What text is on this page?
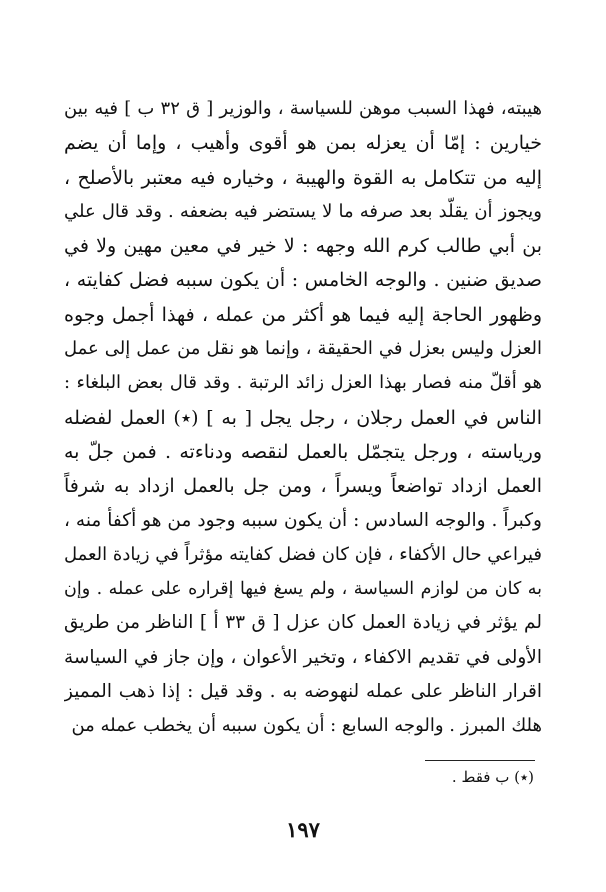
هيبته، فهذا السبب موهن للسياسة ، والوزير [ ق ٣٢ ب ] فيه بين
خيارين : إمّا أن يعزله بمن هو أقوى وأهيب ، وإما أن يضم
إليه من تتكامل به القوة والهيبة ، وخياره فيه معتبر بالأصلح ،
ويجوز أن يقلّد بعد صرفه ما لا يستضر فيه بضعفه . وقد قال علي
بن أبي طالب كرم الله وجهه : لا خير في معين مهين ولا في
صديق ضنين . والوجه الخامس : أن يكون سببه فضل كفايته ،
وظهور الحاجة إليه فيما هو أكثر من عمله ، فهذا أجمل وجوه
العزل وليس بعزل في الحقيقة ، وإنما هو نقل من عمل إلى عمل
هو أقلّ منه فصار بهذا العزل زائد الرتبة . وقد قال بعض البلغاء :
الناس في العمل رجلان ، رجل يجل [ به ] (٭) العمل لفضله
ورياسته ، ورجل يتجمّل بالعمل لنقصه ودناءته . فمن جلّ به
العمل ازداد تواضعاً ويسراً ، ومن جل بالعمل ازداد به شرفاً
وكبراً . والوجه السادس : أن يكون سببه وجود من هو أكفأ منه ،
فيراعي حال الأكفاء ، فإن كان فضل كفايته مؤثراً في زيادة العمل
به كان من لوازم السياسة ، ولم يسغ فيها إقراره على عمله . وإن
لم يؤثر في زيادة العمل كان عزل [ ق ٣٣ أ ] الناظر من طريق
الأولى في تقديم الاكفاء ، وتخير الأعوان ، وإن جاز في السياسة
اقرار الناظر على عمله لنهوضه به . وقد قيل : إذا ذهب المميز
هلك المبرز . والوجه السابع : أن يكون سببه أن يخطب عمله من
(٭) ب فقط .
١٩٧
